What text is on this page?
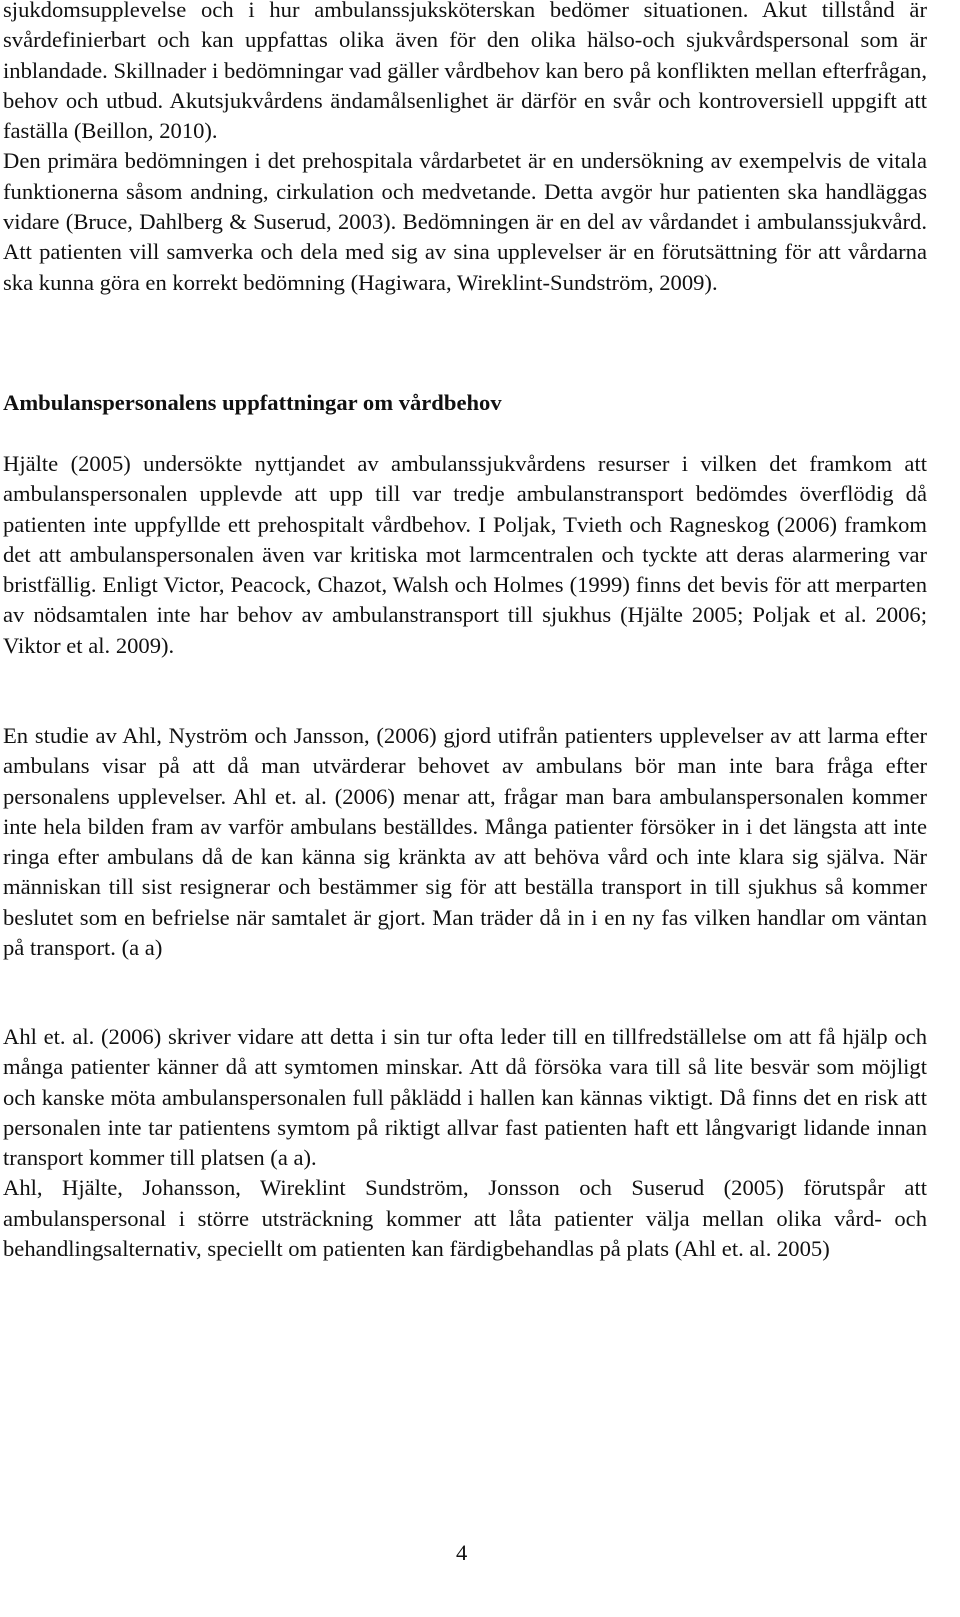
sjukdomsupplevelse och i hur ambulanssjuksköterskan bedömer situationen. Akut tillstånd är svårdefinierbart och kan uppfattas olika även för den olika hälso-och sjukvårdspersonal som är inblandade. Skillnader i bedömningar vad gäller vårdbehov kan bero på konflikten mellan efterfrågan, behov och utbud. Akutsjukvårdens ändamålsenlighet är därför en svår och kontroversiell uppgift att faställa (Beillon, 2010).

Den primära bedömningen i det prehospitala vårdarbetet är en undersökning av exempelvis de vitala funktionerna såsom andning, cirkulation och medvetande. Detta avgör hur patienten ska handläggas vidare (Bruce, Dahlberg & Suserud, 2003). Bedömningen är en del av vårdandet i ambulanssjukvård. Att patienten vill samverka och dela med sig av sina upplevelser är en förutsättning för att vårdarna ska kunna göra en korrekt bedömning (Hagiwara, Wireklint-Sundström, 2009).

Ambulanspersonalens uppfattningar om vårdbehov

Hjälte (2005) undersökte nyttjandet av ambulanssjukvårdens resurser i vilken det framkom att ambulanspersonalen upplevde att upp till var tredje ambulanstransport bedömdes överflödig då patienten inte uppfyllde ett prehospitalt vårdbehov. I Poljak, Tvieth och Ragneskog (2006) framkom det att ambulanspersonalen även var kritiska mot larmcentralen och tyckte att deras alarmering var bristfällig. Enligt Victor, Peacock, Chazot, Walsh och Holmes (1999) finns det bevis för att merparten av nödsamtalen inte har behov av ambulanstransport till sjukhus (Hjälte 2005; Poljak et al. 2006; Viktor et al. 2009).

En studie av Ahl, Nyström och Jansson, (2006) gjord utifrån patienters upplevelser av att larma efter ambulans visar på att då man utvärderar behovet av ambulans bör man inte bara fråga efter personalens upplevelser. Ahl et. al. (2006) menar att, frågar man bara ambulanspersonalen kommer inte hela bilden fram av varför ambulans beställdes. Många patienter försöker in i det längsta att inte ringa efter ambulans då de kan känna sig kränkta av att behöva vård och inte klara sig själva. När människan till sist resignerar och bestämmer sig för att beställa transport in till sjukhus så kommer beslutet som en befrielse när samtalet är gjort. Man träder då in i en ny fas vilken handlar om väntan på transport. (a a)

Ahl et. al. (2006) skriver vidare att detta i sin tur ofta leder till en tillfredställelse om att få hjälp och många patienter känner då att symtomen minskar. Att då försöka vara till så lite besvär som möjligt och kanske möta ambulanspersonalen full påklädd i hallen kan kännas viktigt. Då finns det en risk att personalen inte tar patientens symtom på riktigt allvar fast patienten haft ett långvarigt lidande innan transport kommer till platsen (a a).

Ahl, Hjälte, Johansson, Wireklint Sundström, Jonsson och Suserud (2005) förutspår att ambulanspersonal i större utsträckning kommer att låta patienter välja mellan olika vård- och behandlingsalternativ, speciellt om patienten kan färdigbehandlas på plats (Ahl et. al. 2005)

4
